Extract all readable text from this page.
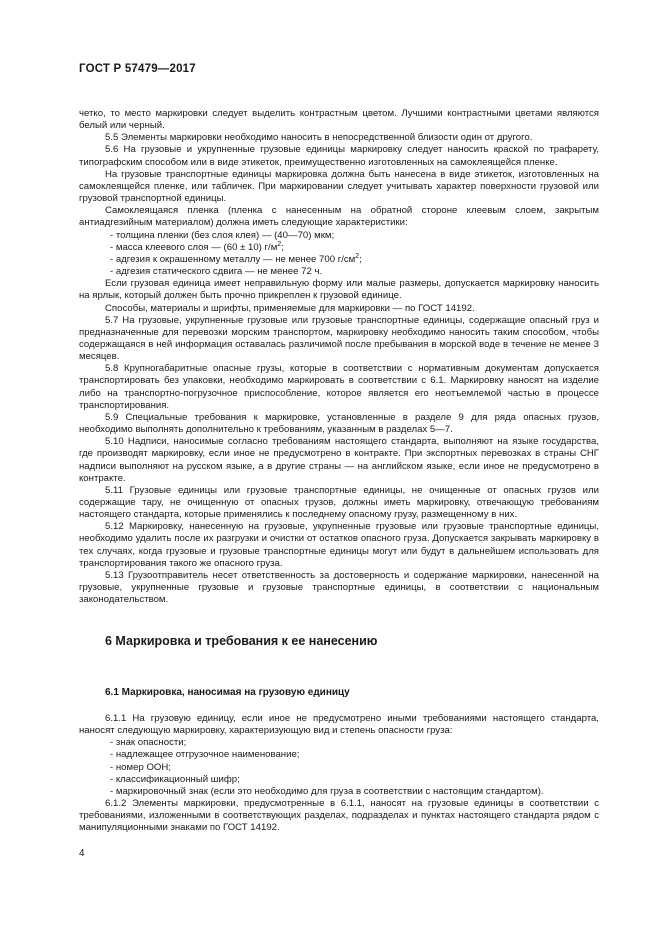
ГОСТ Р 57479—2017

четко, то место маркировки следует выделить контрастным цветом. Лучшими контрастными цветами являются белый или черный.

5.5 Элементы маркировки необходимо наносить в непосредственной близости один от другого.

5.6 На грузовые и укрупненные грузовые единицы маркировку следует наносить краской по трафарету, типографским способом или в виде этикеток, преимущественно изготовленных на самоклеящейся пленке.

На грузовые транспортные единицы маркировка должна быть нанесена в виде этикеток, изготовленных на самоклеящейся пленке, или табличек. При маркировании следует учитывать характер поверхности грузовой или грузовой транспортной единицы.

Самоклеящаяся пленка (пленка с нанесенным на обратной стороне клеевым слоем, закрытым антиадгезийным материалом) должна иметь следующие характеристики:

- толщина пленки (без слоя клея) — (40—70) мкм;

- масса клеевого слоя — (60 ± 10) $г/м^2$;

- адгезия к окрашенному металлу — не менее 700 $г/см^2$;

- адгезия статического сдвига — не менее 72 ч.

Если грузовая единица имеет неправильную форму или малые размеры, допускается маркировку наносить на ярлык, который должен быть прочно прикреплен к грузовой единице.

Способы, материалы и шрифты, применяемые для маркировки — по ГОСТ 14192.

5.7 На грузовые, укрупненные грузовые или грузовые транспортные единицы, содержащие опасный груз и предназначенные для перевозки морским транспортом, маркировку необходимо наносить таким способом, чтобы содержащаяся в ней информация оставалась различимой после пребывания в морской воде в течение не менее 3 месяцев.

5.8 Крупногабаритные опасные грузы, которые в соответствии с нормативным документам допускается транспортировать без упаковки, необходимо маркировать в соответствии с 6.1. Маркировку наносят на изделие либо на транспортно-погрузочное приспособление, которое является его неотъемлемой частью в процессе транспортирования.

5.9 Специальные требования к маркировке, установленные в разделе 9 для ряда опасных грузов, необходимо выполнять дополнительно к требованиям, указанным в разделах 5—7.

5.10 Надписи, наносимые согласно требованиям настоящего стандарта, выполняют на языке государства, где производят маркировку, если иное не предусмотрено в контракте. При экспортных перевозках в страны СНГ надписи выполняют на русском языке, а в другие страны — на английском языке, если иное не предусмотрено в контракте.

5.11 Грузовые единицы или грузовые транспортные единицы, не очищенные от опасных грузов или содержащие тару, не очищенную от опасных грузов, должны иметь маркировку, отвечающую требованиям настоящего стандарта, которые применялись к последнему опасному грузу, размещенному в них.

5.12 Маркировку, нанесенную на грузовые, укрупненные грузовые или грузовые транспортные единицы, необходимо удалить после их разгрузки и очистки от остатков опасного груза. Допускается закрывать маркировку в тех случаях, когда грузовые и грузовые транспортные единицы могут или будут в дальнейшем использовать для транспортирования такого же опасного груза.

5.13 Грузоотправитель несет ответственность за достоверность и содержание маркировки, нанесенной на грузовые, укрупненные грузовые и грузовые транспортные единицы, в соответствии с национальным законодательством.

6 Маркировка и требования к ее нанесению
6.1 Маркировка, наносимая на грузовую единицу

6.1.1 На грузовую единицу, если иное не предусмотрено иными требованиями настоящего стандарта, наносят следующую маркировку, характеризующую вид и степень опасности груза:

- знак опасности;

- надлежащее отгрузочное наименование;

- номер ООН;

- классификационный шифр;

- маркировочный знак (если это необходимо для груза в соответствии с настоящим стандартом).

6.1.2 Элементы маркировки, предусмотренные в 6.1.1, наносят на грузовые единицы в соответствии с требованиями, изложенными в соответствующих разделах, подразделах и пунктах настоящего стандарта рядом с манипуляционными знаками по ГОСТ 14192.

4
